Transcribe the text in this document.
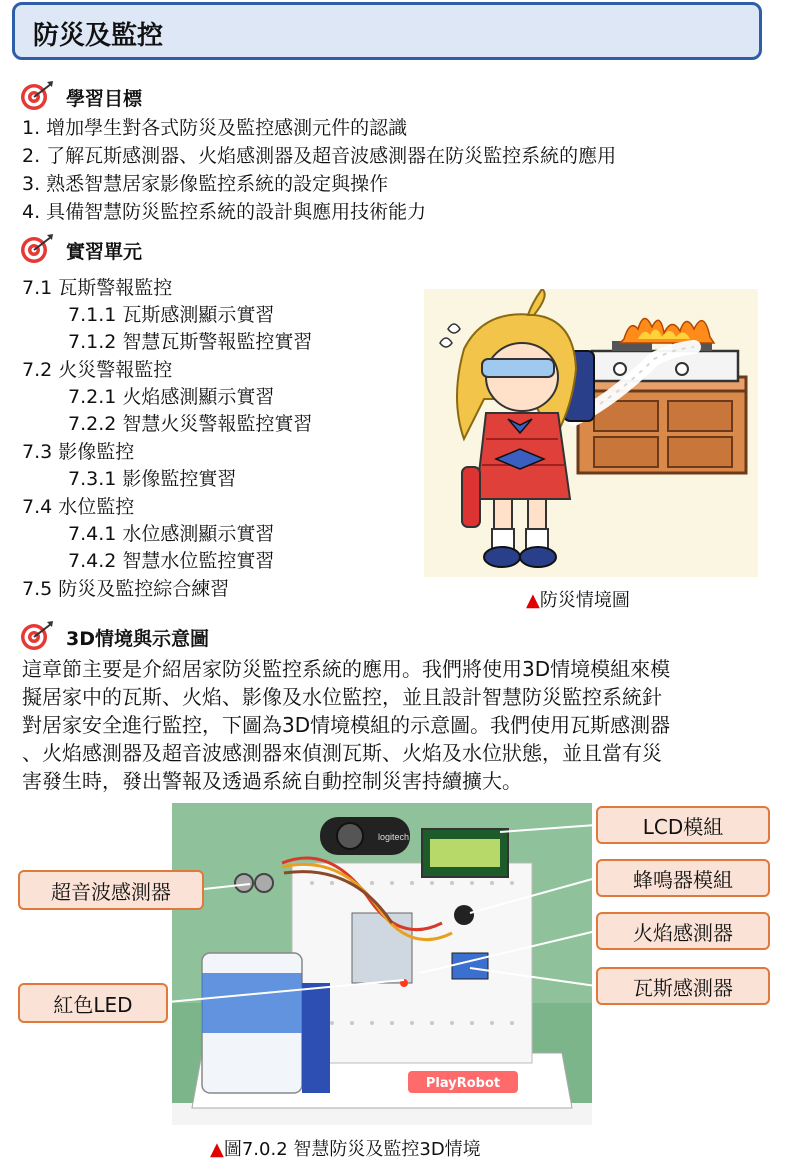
防災及監控
學習目標
1. 增加學生對各式防災及監控感測元件的認識
2. 了解瓦斯感測器、火焰感測器及超音波感測器在防災監控系統的應用
3. 熟悉智慧居家影像監控系統的設定與操作
4. 具備智慧防災監控系統的設計與應用技術能力
實習單元
7.1 瓦斯警報監控
7.1.1 瓦斯感測顯示實習
7.1.2 智慧瓦斯警報監控實習
7.2 火災警報監控
7.2.1 火焰感測顯示實習
7.2.2 智慧火災警報監控實習
7.3 影像監控
7.3.1 影像監控實習
7.4 水位監控
7.4.1 水位感測顯示實習
7.4.2 智慧水位監控實習
7.5 防災及監控綜合練習
▲防災情境圖
3D情境與示意圖
這章節主要是介紹居家防災監控系統的應用。我們將使用3D情境模組來模
擬居家中的瓦斯、火焰、影像及水位監控，並且設計智慧防災監控系統針
對居家安全進行監控，下圖為3D情境模組的示意圖。我們使用瓦斯感測器
、火焰感測器及超音波感測器來偵測瓦斯、火焰及水位狀態，並且當有災
害發生時，發出警報及透過系統自動控制災害持續擴大。
logitech
PlayRobot
LCD模組
蜂鳴器模組
火焰感測器
瓦斯感測器
超音波感測器
紅色LED
▲圖7.0.2 智慧防災及監控3D情境
